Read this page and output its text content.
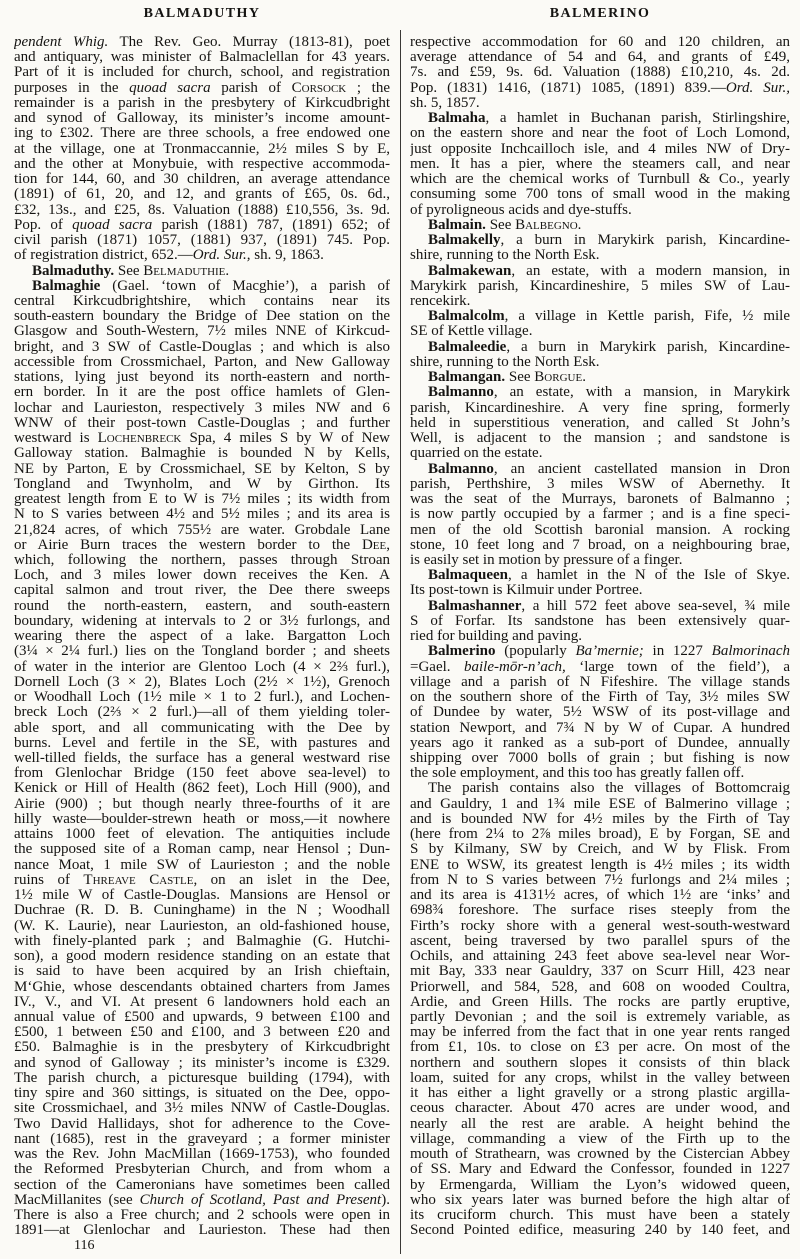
BALMADUTHY	BALMERINO
pendent Whig. The Rev. Geo. Murray (1813-81), poet
and antiquary, was minister of Balmaclellan for 43 years.
Part of it is included for church, school, and registration
purposes in the quoad sacra parish of Corsock ; the
remainder is a parish in the presbytery of Kirkcudbright
and synod of Galloway, its minister’s income amount-
ing to £302. There are three schools, a free endowed one
at the village, one at Tronmaccannie, 2½ miles S by E,
and the other at Monybuie, with respective accommoda-
tion for 144, 60, and 30 children, an average attendance
(1891) of 61, 20, and 12, and grants of £65, 0s. 6d.,
£32, 13s., and £25, 8s. Valuation (1888) £10,556, 3s. 9d.
Pop. of quoad sacra parish (1881) 787, (1891) 652; of
civil parish (1871) 1057, (1881) 937, (1891) 745. Pop.
of registration district, 652.—Ord. Sur., sh. 9, 1863.
Balmaduthy. See Belmaduthie.
Balmaghie (Gael. ‘town of Macghie’), a parish of
central Kirkcudbrightshire, which contains near its
south-eastern boundary the Bridge of Dee station on the
Glasgow and South-Western, 7½ miles NNE of Kirkcud-
bright, and 3 SW of Castle-Douglas ; and which is also
accessible from Crossmichael, Parton, and New Galloway
stations, lying just beyond its north-eastern and north-
ern border. In it are the post office hamlets of Glen-
lochar and Laurieston, respectively 3 miles NW and 6
WNW of their post-town Castle-Douglas ; and further
westward is Lochenbreck Spa, 4 miles S by W of New
Galloway station. Balmaghie is bounded N by Kells,
NE by Parton, E by Crossmichael, SE by Kelton, S by
Tongland and Twynholm, and W by Girthon. Its
greatest length from E to W is 7½ miles ; its width from
N to S varies between 4½ and 5½ miles ; and its area is
21,824 acres, of which 755½ are water. Grobdale Lane
or Airie Burn traces the western border to the Dee,
which, following the northern, passes through Stroan
Loch, and 3 miles lower down receives the Ken. A
capital salmon and trout river, the Dee there sweeps
round the north-eastern, eastern, and south-eastern
boundary, widening at intervals to 2 or 3½ furlongs, and
wearing there the aspect of a lake. Bargatton Loch
(3¼ × 2¼ furl.) lies on the Tongland border ; and sheets
of water in the interior are Glentoo Loch (4 × 2⅔ furl.),
Dornell Loch (3 × 2), Blates Loch (2½ × 1½), Grenoch
or Woodhall Loch (1½ mile × 1 to 2 furl.), and Lochen-
breck Loch (2⅔ × 2 furl.)—all of them yielding toler-
able sport, and all communicating with the Dee by
burns. Level and fertile in the SE, with pastures and
well-tilled fields, the surface has a general westward rise
from Glenlochar Bridge (150 feet above sea-level) to
Kenick or Hill of Health (862 feet), Loch Hill (900), and
Airie (900) ; but though nearly three-fourths of it are
hilly waste—boulder-strewn heath or moss,—it nowhere
attains 1000 feet of elevation. The antiquities include
the supposed site of a Roman camp, near Hensol ; Dun-
nance Moat, 1 mile SW of Laurieston ; and the noble
ruins of Threave Castle, on an islet in the Dee,
1½ mile W of Castle-Douglas. Mansions are Hensol or
Duchrae (R. D. B. Cuninghame) in the N ; Woodhall
(W. K. Laurie), near Laurieston, an old-fashioned house,
with finely-planted park ; and Balmaghie (G. Hutchi-
son), a good modern residence standing on an estate that
is said to have been acquired by an Irish chieftain,
M‘Ghie, whose descendants obtained charters from James
IV., V., and VI. At present 6 landowners hold each an
annual value of £500 and upwards, 9 between £100 and
£500, 1 between £50 and £100, and 3 between £20 and
£50. Balmaghie is in the presbytery of Kirkcudbright
and synod of Galloway ; its minister’s income is £329.
The parish church, a picturesque building (1794), with
tiny spire and 360 sittings, is situated on the Dee, oppo-
site Crossmichael, and 3½ miles NNW of Castle-Douglas.
Two David Hallidays, shot for adherence to the Cove-
nant (1685), rest in the graveyard ; a former minister
was the Rev. John MacMillan (1669-1753), who founded
the Reformed Presbyterian Church, and from whom a
section of the Cameronians have sometimes been called
MacMillanites (see Church of Scotland, Past and Present).
There is also a Free church; and 2 schools were open in
1891—at Glenlochar and Laurieston. These had then
respective accommodation for 60 and 120 children, an
average attendance of 54 and 64, and grants of £49,
7s. and £59, 9s. 6d. Valuation (1888) £10,210, 4s. 2d.
Pop. (1831) 1416, (1871) 1085, (1891) 839.—Ord. Sur.,
sh. 5, 1857.
Balmaha, a hamlet in Buchanan parish, Stirlingshire,
on the eastern shore and near the foot of Loch Lomond,
just opposite Inchcailloch isle, and 4 miles NW of Dry-
men. It has a pier, where the steamers call, and near
which are the chemical works of Turnbull & Co., yearly
consuming some 700 tons of small wood in the making
of pyroligneous acids and dye-stuffs.
Balmain. See Balbegno.
Balmakelly, a burn in Marykirk parish, Kincardine-
shire, running to the North Esk.
Balmakewan, an estate, with a modern mansion, in
Marykirk parish, Kincardineshire, 5 miles SW of Lau-
rencekirk.
Balmalcolm, a village in Kettle parish, Fife, ½ mile
SE of Kettle village.
Balmaleedie, a burn in Marykirk parish, Kincardine-
shire, running to the North Esk.
Balmangan. See Borgue.
Balmanno, an estate, with a mansion, in Marykirk
parish, Kincardineshire. A very fine spring, formerly
held in superstitious veneration, and called St John’s
Well, is adjacent to the mansion ; and sandstone is
quarried on the estate.
Balmanno, an ancient castellated mansion in Dron
parish, Perthshire, 3 miles WSW of Abernethy. It
was the seat of the Murrays, baronets of Balmanno ;
is now partly occupied by a farmer ; and is a fine speci-
men of the old Scottish baronial mansion. A rocking
stone, 10 feet long and 7 broad, on a neighbouring brae,
is easily set in motion by pressure of a finger.
Balmaqueen, a hamlet in the N of the Isle of Skye.
Its post-town is Kilmuir under Portree.
Balmashanner, a hill 572 feet above sea-sevel, ¾ mile
S of Forfar. Its sandstone has been extensively quar-
ried for building and paving.
Balmerino (popularly Ba’mernie; in 1227 Balmorinach
=Gael. baile-mōr-n’ach, ‘large town of the field’), a
village and a parish of N Fifeshire. The village stands
on the southern shore of the Firth of Tay, 3½ miles SW
of Dundee by water, 5½ WSW of its post-village and
station Newport, and 7¾ N by W of Cupar. A hundred
years ago it ranked as a sub-port of Dundee, annually
shipping over 7000 bolls of grain ; but fishing is now
the sole employment, and this too has greatly fallen off.
The parish contains also the villages of Bottomcraig
and Gauldry, 1 and 1¾ mile ESE of Balmerino village ;
and is bounded NW for 4½ miles by the Firth of Tay
(here from 2¼ to 2⅞ miles broad), E by Forgan, SE and
S by Kilmany, SW by Creich, and W by Flisk. From
ENE to WSW, its greatest length is 4½ miles ; its width
from N to S varies between 7½ furlongs and 2¼ miles ;
and its area is 4131½ acres, of which 1½ are ‘inks’ and
698¾ foreshore. The surface rises steeply from the
Firth’s rocky shore with a general west-south-westward
ascent, being traversed by two parallel spurs of the
Ochils, and attaining 243 feet above sea-level near Wor-
mit Bay, 333 near Gauldry, 337 on Scurr Hill, 423 near
Priorwell, and 584, 528, and 608 on wooded Coultra,
Ardie, and Green Hills. The rocks are partly eruptive,
partly Devonian ; and the soil is extremely variable, as
may be inferred from the fact that in one year rents ranged
from £1, 10s. to close on £3 per acre. On most of the
northern and southern slopes it consists of thin black
loam, suited for any crops, whilst in the valley between
it has either a light gravelly or a strong plastic argilla-
ceous character. About 470 acres are under wood, and
nearly all the rest are arable. A height behind the
village, commanding a view of the Firth up to the
mouth of Strathearn, was crowned by the Cistercian Abbey
of SS. Mary and Edward the Confessor, founded in 1227
by Ermengarda, William the Lyon’s widowed queen,
who six years later was burned before the high altar of
its cruciform church. This must have been a stately
Second Pointed edifice, measuring 240 by 140 feet, and
116
